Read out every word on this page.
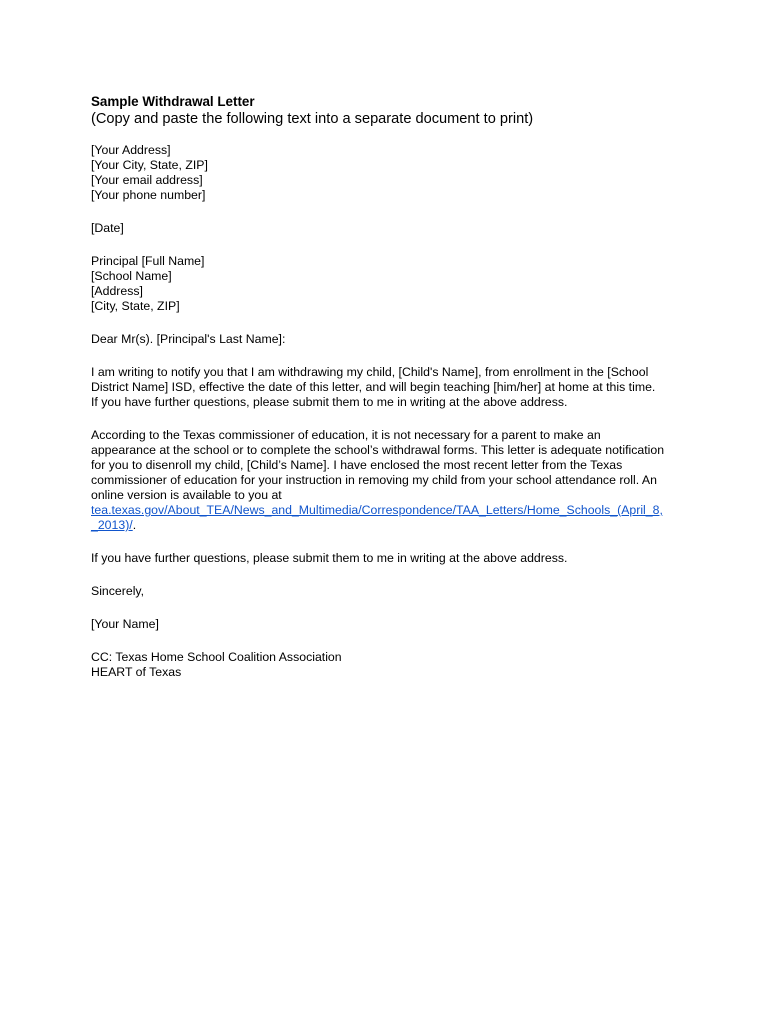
Sample Withdrawal Letter
(Copy and paste the following text into a separate document to print)
[Your Address]
[Your City, State, ZIP]
[Your email address]
[Your phone number]
[Date]
Principal [Full Name]
[School Name]
[Address]
[City, State, ZIP]
Dear Mr(s). [Principal's Last Name]:
I am writing to notify you that I am withdrawing my child, [Child's Name], from enrollment in the [School
District Name] ISD, effective the date of this letter, and will begin teaching [him/her] at home at this time.
If you have further questions, please submit them to me in writing at the above address.
According to the Texas commissioner of education, it is not necessary for a parent to make an
appearance at the school or to complete the school’s withdrawal forms. This letter is adequate notification
for you to disenroll my child, [Child’s Name]. I have enclosed the most recent letter from the Texas
commissioner of education for your instruction in removing my child from your school attendance roll. An
online version is available to you at
tea.texas.gov/About_TEA/News_and_Multimedia/Correspondence/TAA_Letters/Home_Schools_(April_8,
_2013)/.
If you have further questions, please submit them to me in writing at the above address.
Sincerely,
[Your Name]
CC: Texas Home School Coalition Association
HEART of Texas
